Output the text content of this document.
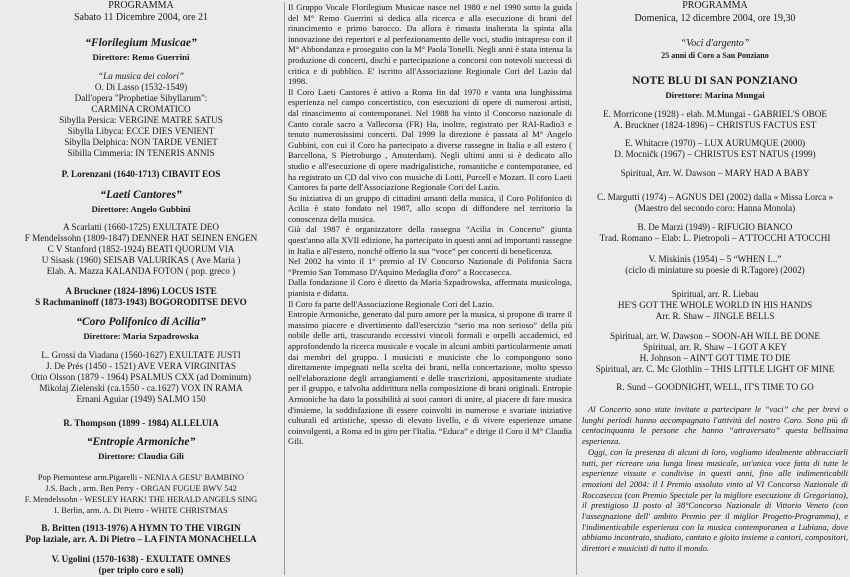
PROGRAMMA
Sabato 11 Dicembre 2004, ore 21
“Florilegium Musicae”
Direttore: Remo Guerrini
“La musica dei colori”
O. Di Lasso (1532-1549)
Dall'opera "Prophetiae Sibyllarum":
CARMINA CROMATICO
Sibylla Persica: VERGINE MATRE SATUS
Sibylla Libyca: ECCE DIES VENIENT
Sibylla Delphica: NON TARDE VENIET
Sibilla Cimmeria: IN TENERIS ANNIS
P. Lorenzani (1640-1713) CIBAVIT EOS
“Laeti Cantores”
Direttore: Angelo Gubbini
A Scarlatti (1660-1725) EXULTATE DEO
F Mendelssohn (1809-1847) DENNER HAT SEINEN ENGEN
C V Stanford (1852-1924) BEATI QUORUM VIA
U Sisask (1960) SEISAB VALURIKAS ( Ave Maria )
Elab. A. Mazza KALANDA FOTON ( pop. greco )
A Bruckner (1824-1896) LOCUS ISTE
S Rachmaninoff (1873-1943) BOGORODITSE DEVO
“Coro Polifonico di Acilia”
Direttore: Maria Szpadrowska
L. Grossi da Viadana (1560-1627) EXULTATE JUSTI
J. De Prés (1450 - 1521) AVE VERA VIRGINITAS
Otto Olsson (1879 - 1964) PSALMUS CXX (ad Dominum)
Mikolaj Zielenski (ca.1550 - ca.1627) VOX IN RAMA
Ernani Aguiar (1949) SALMO 150
R. Thompson (1899 - 1984) ALLELUIA
“Entropie Armoniche”
Direttore: Claudia Gili
Pop Piemontese arm.Pigarelli - NENIA A GESU' BAMBINO
J.S. Bach , arm. Ben Perry - ORGAN FUGUE BWV 542
F. Mendelssohn - WESLEY HARK! THE HERALD ANGELS SING
I. Berlin, arm. A. Di Pietro - WHITE CHRISTMAS
B. Britten (1913-1976) A HYMN TO THE VIRGIN
Pop laziale, arr. A. Di Pietro – LA FINTA MONACHELLA
V. Ugolini (1570-1638) - EXULTATE OMNES
(per triplo coro e soli)

Il Gruppo Vocale Florilegium Musicae nasce nel 1980 e nel 1990 sotto la guida del M° Remo Guerrini si dedica alla ricerca e alla esecuzione di brani del rinascimento e primo barocco. Da allora è rimasta inalterata la spinta alla innovazione dei repertori e al perfezionamento delle voci, studio intrapreso con il M° Abbondanza e proseguito con la M° Paola Tonelli. Negli anni è stata intensa la produzione di concerti, dischi e partecipazione a concorsi con notevoli successi di critica e di pubblico. E' iscritto all'Associazione Regionale Cori del Lazio dal 1998.

Il Coro Laeti Cantores è attivo a Roma fin dal 1970 e vanta una lunghissima esperienza nel campo concertistico, con esecuzioni di opere di numerosi artisti, dal rinascimento ai contemporanei. Nel 1988 ha vinto il Concorso nazionale di Canto corale sacro a Vallecorsa (FR) Ha, inoltre, registrato per RAI-Radio3 e tenuto numerosissimi concerti. Dal 1999 la direzione è passata al M° Angelo Gubbini, con cui il Coro ha partecipato a diverse rassegne in Italia e all estero ( Barcellona, S Pietroburgo , Amsterdam). Negli ultimi anni si è dedicato allo studio e all'esecuzione di opere madrigalistiche, romantiche e contemporanee, ed ha registrato un CD dal vivo con musiche di Lotti, Purcell e Mozart. Il coro Laeti Cantores fa parte dell'Associazione Regionale Cori del Lazio.

Su iniziativa di un gruppo di cittadini amanti della musica, il Coro Polifonico di Acilia è stato fondato nel 1987, allo scopo di diffondere nel territorio la conoscenza della musica.

Già dal 1987 è organizzatore della rassegna “Acilia in Concerto” giunta quest'anno alla XVII edizione, ha partecipato in questi anni ad importanti rassegne in Italia e all'estero, nonché offerto la sua “voce” per concerti di beneficenza.

Nel 2002 ha vinto il 1° premio al IV Concorso Nazionale di Polifonia Sacra “Premio San Tommaso D'Aquino Medaglia d'oro” a Roccasecca.

Dalla fondazione il Coro è diretto da Maria Szpadrowska, affermata musicologa, pianista e didatta.

Il Coro fa parte dell'Associazione Regionale Cori del Lazio.

Entropie Armoniche, generato dal puro amore per la musica, si propone di trarre il massimo piacere e divertimento dall'esercizio “serio ma non serioso” della più nobile delle arti, trascurando eccessivi vincoli formali e orpelli accademici, ed approfondendo la ricerca musicale e vocale in alcuni ambiti particolarmente amati dai membri del gruppo. I musicisti e musiciste che lo compongono sono direttamente impegnati nella scelta dei brani, nella concertazione, molto spesso nell'elaborazione degli arrangiamenti e delle trascrizioni, appositamente studiate per il gruppo, e talvolta addirittura nella composizione di brani originali. Entropie Armoniche ha dato la possibilità ai suoi cantori di unire, al piacere di fare musica d'insieme, la soddisfazione di essere coinvolti in numerose e svariate iniziative culturali ed artistiche, spesso di elevato livello, e di vivere esperienze umane coinvolgenti, a Roma ed in giro per l'Italia. “Educa” e dirige il Coro il M° Claudia Gili.

PROGRAMMA
Domenica, 12 dicembre 2004, ore 19,30
“Voci d'argento”
25 anni di Coro a San Ponziano
NOTE BLU DI SAN PONZIANO
Direttore: Marina Mungai
E. Morricone (1928) - elab. M.Mungai - GABRIEL'S OBOE
A. Bruckner (1824-1896) – CHRISTUS FACTUS EST
E. Whitacre (1970) – LUX AURUMQUE (2000)
D. Mocničk (1967) – CHRISTUS EST NATUS (1999)
Spiritual, Arr. W. Dawson – MARY HAD A BABY
C. Margutti (1974) – AGNUS DEI (2002) dalla « Missa Lorca »
(Maestro del secondo coro: Hanna Monola)
B. De Marzi (1949) - RIFUGIO BIANCO
Trad. Romano – Elab: L. Pietropoli – A'TTOCCHI A'TOCCHI
V. Miskinis (1954) – 5 “WHEN I...”
(ciclo di miniature su poesie di R.Tagore) (2002)
Spiritual, arr. R. Liebau
HE'S GOT THE WHOLE WORLD IN HIS HANDS
Arr. R. Shaw – JINGLE BELLS
Spiritual, arr. W. Dawson – SOON-AH WILL BE DONE
Spiritual, arr. R. Shaw – I GOT A KEY
H. Johnson – AIN'T GOT TIME TO DIE
Spiritual, arr. C. Mc Glothlin – THIS LITTLE LIGHT OF MINE
R. Sund – GOODNIGHT, WELL, IT'S TIME TO GO

Al Concerto sono state invitate a partecipare le “voci” che per brevi o lunghi periodi hanno accompagnato l'attività del nostro Coro. Sono più di centocinquanta le persone che hanno “attraversato” questa bellissima esperienza.

Oggi, con la presenza di alcuni di loro, vogliamo idealmente abbracciarli tutti, per ricreare una lunga linea musicale, un'unica voce fatta di tutte le esperienze vissute e condivise in questi anni, fino alle indimenticabili emozioni del 2004: il I Premio assoluto vinto al VI Concorso Nazionale di Roccasecca (con Premio Speciale per la migliore esecuzione di Gregoriano), il prestigioso II posto al 38°Concorso Nazionale di Vittorio Veneto (con l'assegnazione dell' ambito Premio per il miglior Progetto-Programma), e l'indimenticabile esperienza con la musica contemporanea a Lubiana, dove abbiamo incontrato, studiato, cantato e gioito insieme a cantori, compositori, direttori e musicisti di tutto il mondo.
